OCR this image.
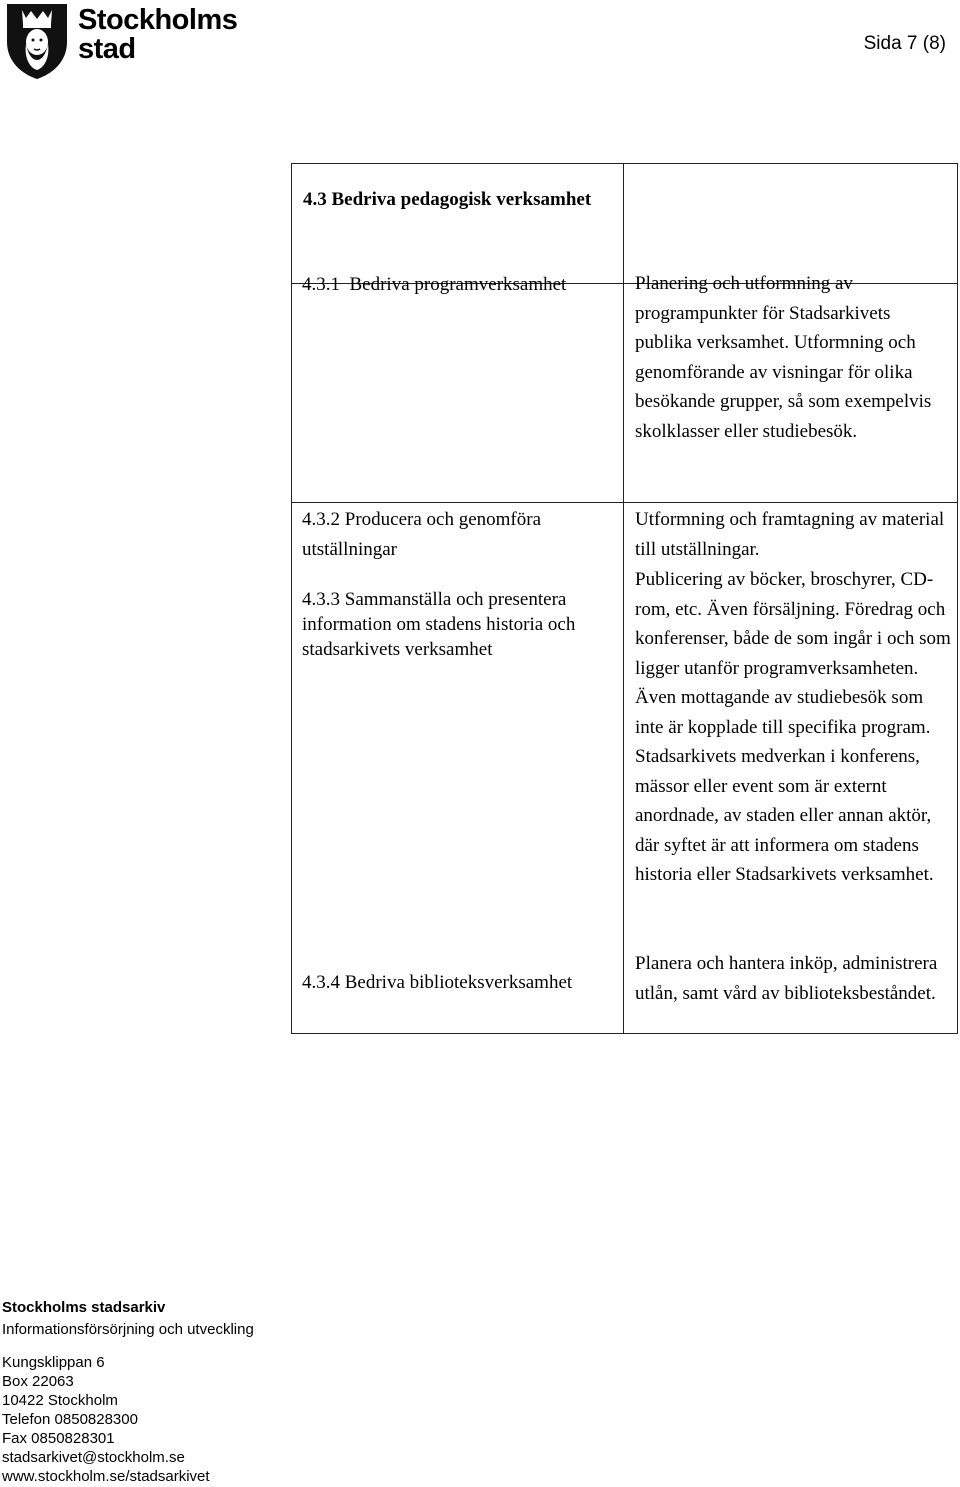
Stockholms
stad	Sida 7 (8)
4.3 Bedriva pedagogisk verksamhet
4.3.1  Bedriva programverksamhet	Planering och utformning av programpunkter för Stadsarkivets publika verksamhet. Utformning och genomförande av visningar för olika besökande grupper, så som exempelvis skolklasser eller studiebesök.
4.3.2 Producera och genomföra utställningar
Utformning och framtagning av material till utställningar.
4.3.3 Sammanställa och presentera information om stadens historia och stadsarkivets verksamhet
Publicering av böcker, broschyrer, CD-rom, etc. Även försäljning. Föredrag och konferenser, både de som ingår i och som ligger utanför programverksamheten. Även mottagande av studiebesök som inte är kopplade till specifika program. Stadsarkivets medverkan i konferens, mässor eller event som är externt anordnade, av staden eller annan aktör, där syftet är att informera om stadens historia eller Stadsarkivets verksamhet.
4.3.4 Bedriva biblioteksverksamhet
Planera och hantera inköp, administrera utlån, samt vård av biblioteksbeståndet.
Stockholms stadsarkiv
Informationsförsörjning och utveckling
Kungsklippan 6
Box 22063
10422 Stockholm
Telefon 0850828300
Fax 0850828301
stadsarkivet@stockholm.se
www.stockholm.se/stadsarkivet
